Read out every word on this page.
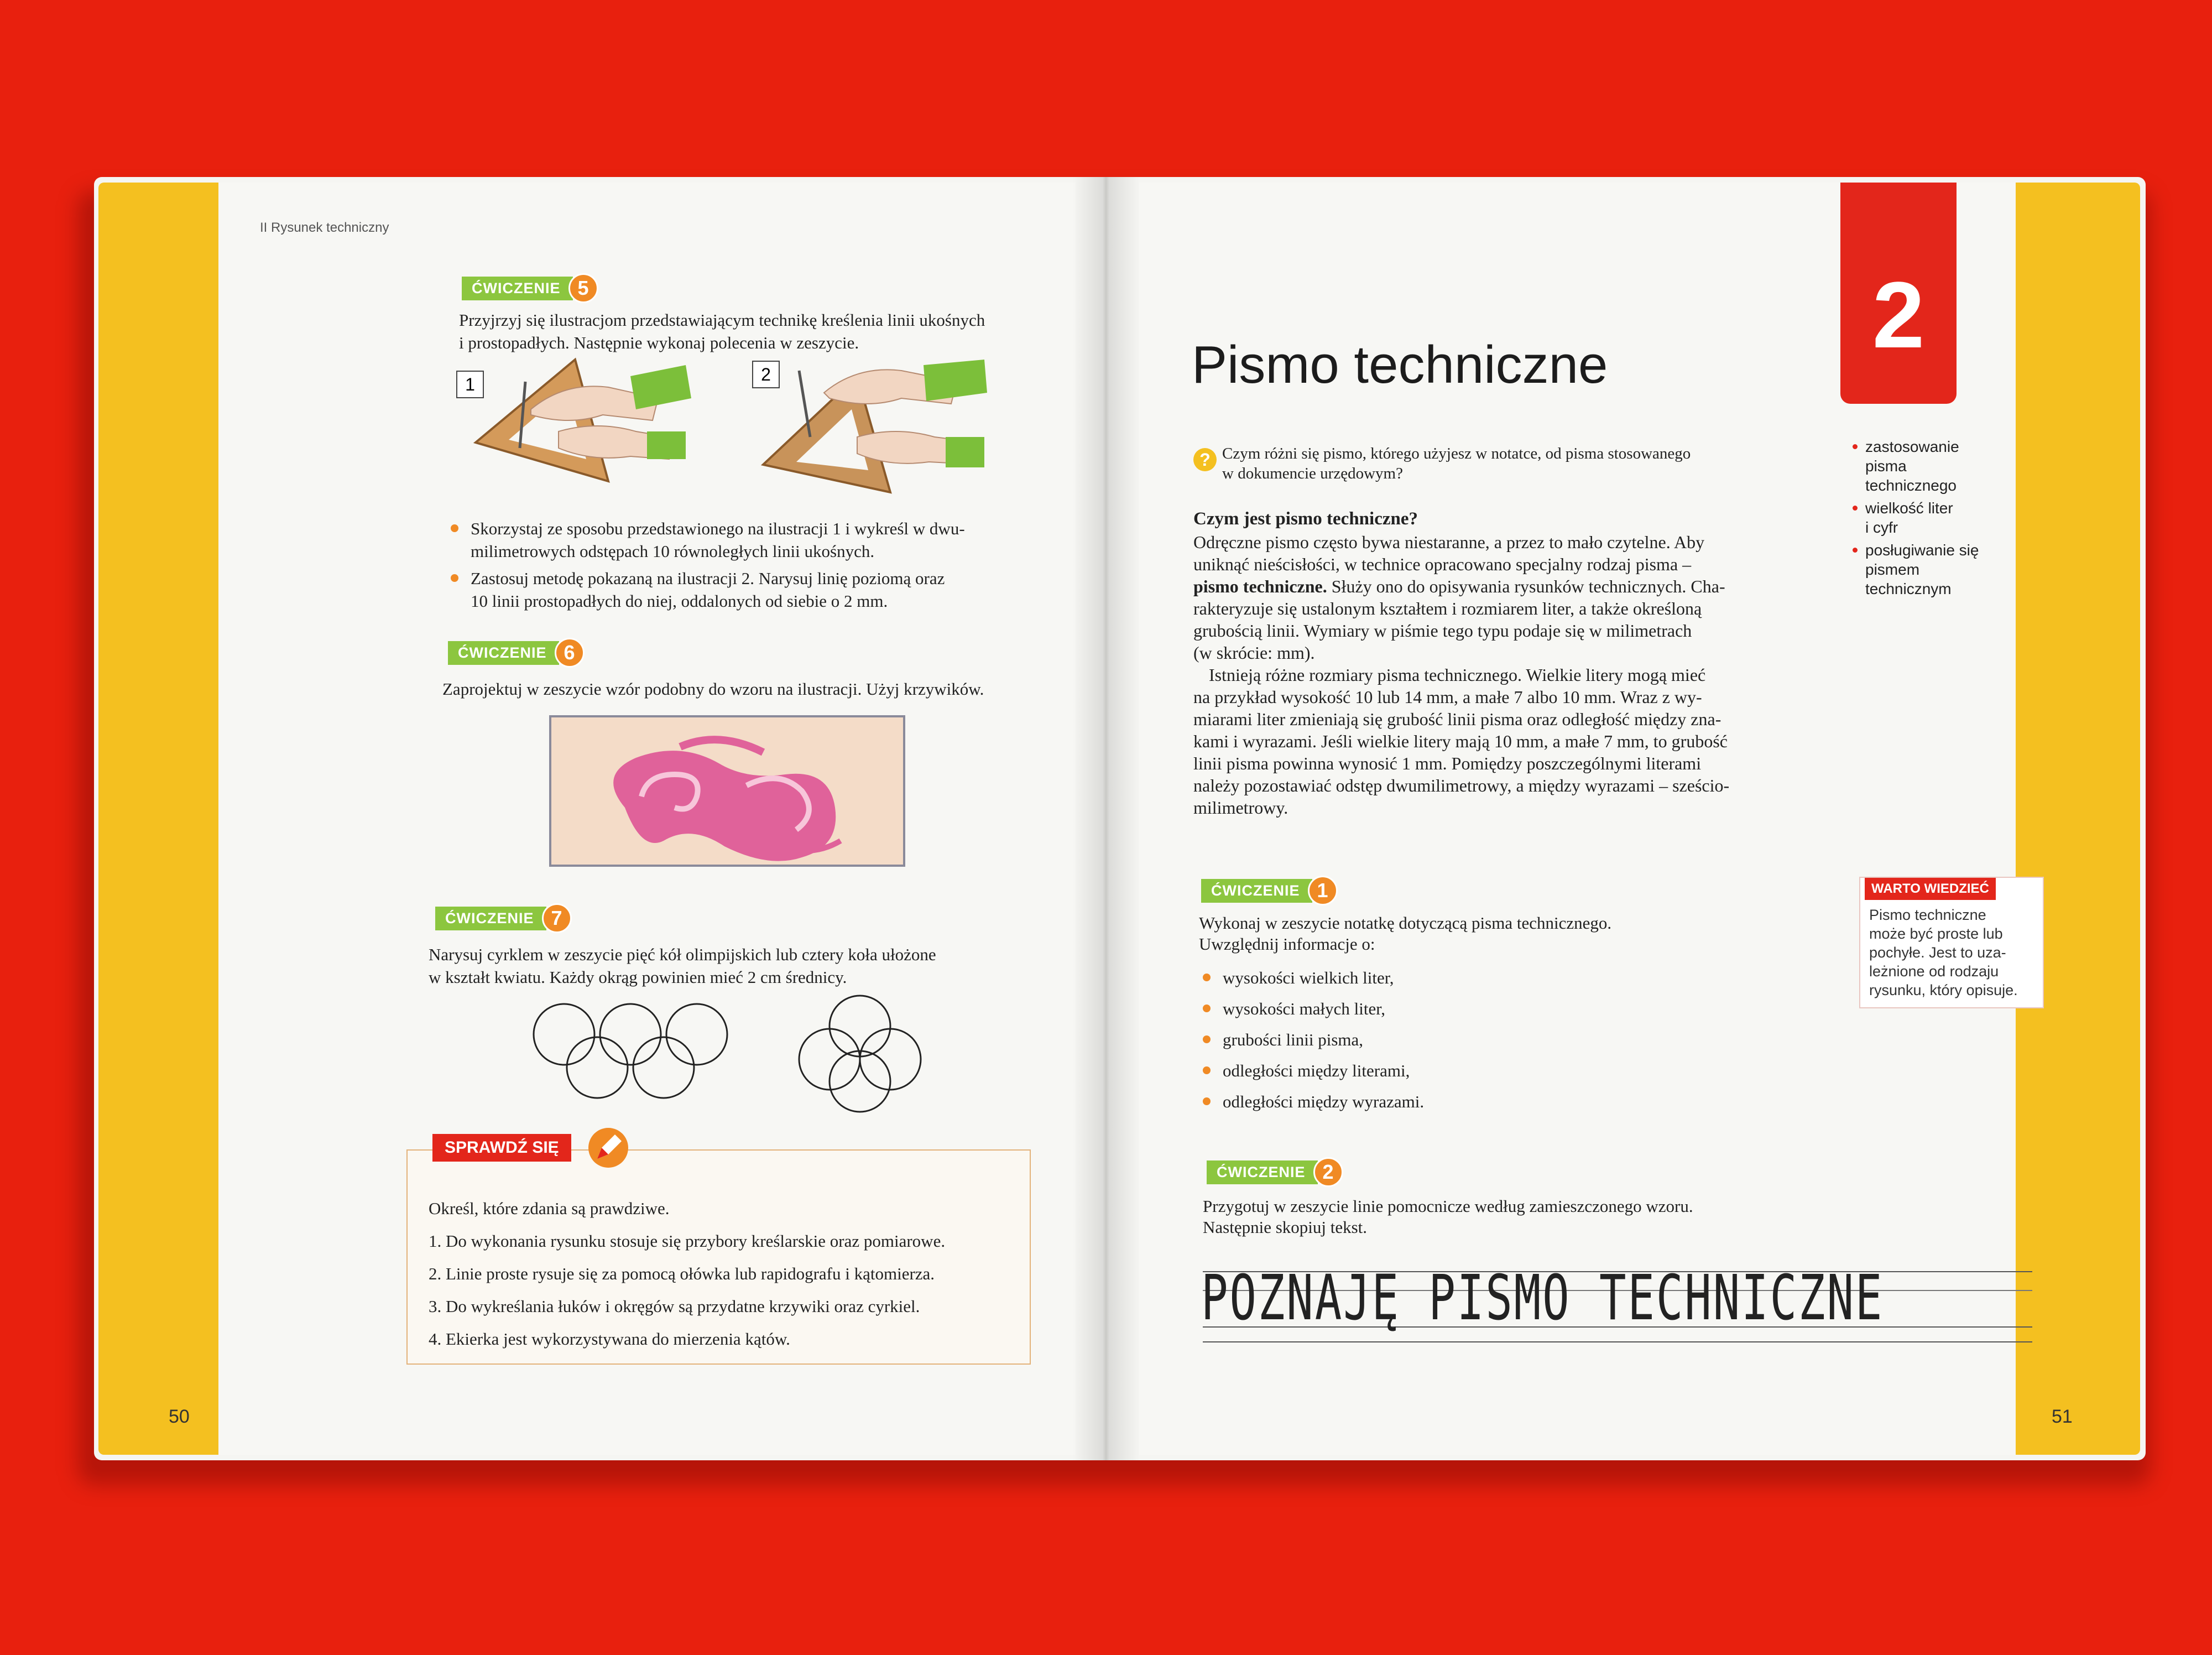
II Rysunek techniczny
ĆWICZENIE 5
Przyjrzyj się ilustracjom przedstawiającym technikę kreślenia linii ukośnych
i prostopadłych. Następnie wykonaj polecenia w zeszycie.
1	2
Skorzystaj ze sposobu przedstawionego na ilustracji 1 i wykreśl w dwu-
milimetrowych odstępach 10 równoległych linii ukośnych.
Zastosuj metodę pokazaną na ilustracji 2. Narysuj linię poziomą oraz
10 linii prostopadłych do niej, oddalonych od siebie o 2 mm.
ĆWICZENIE 6
Zaprojektuj w zeszycie wzór podobny do wzoru na ilustracji. Użyj krzywików.
ĆWICZENIE 7
Narysuj cyrklem w zeszycie pięć kół olimpijskich lub cztery koła ułożone
w kształt kwiatu. Każdy okrąg powinien mieć 2 cm średnicy.
SPRAWDŹ SIĘ
Określ, które zdania są prawdziwe.
1. Do wykonania rysunku stosuje się przybory kreślarskie oraz pomiarowe.
2. Linie proste rysuje się za pomocą ołówka lub rapidografu i kątomierza.
3. Do wykreślania łuków i okręgów są przydatne krzywiki oraz cyrkiel.
4. Ekierka jest wykorzystywana do mierzenia kątów.
50
2
Pismo techniczne
? Czym różni się pismo, którego użyjesz w notatce, od pisma stosowanego
w dokumencie urzędowym?
Czym jest pismo techniczne?
Odręczne pismo często bywa niestaranne, a przez to mało czytelne. Aby
uniknąć nieścisłości, w technice opracowano specjalny rodzaj pisma –
pismo techniczne. Służy ono do opisywania rysunków technicznych. Cha-
rakteryzuje się ustalonym kształtem i rozmiarem liter, a także określoną
grubością linii. Wymiary w piśmie tego typu podaje się w milimetrach
(w skrócie: mm).
Istnieją różne rozmiary pisma technicznego. Wielkie litery mogą mieć
na przykład wysokość 10 lub 14 mm, a małe 7 albo 10 mm. Wraz z wy-
miarami liter zmieniają się grubość linii pisma oraz odległość między zna-
kami i wyrazami. Jeśli wielkie litery mają 10 mm, a małe 7 mm, to grubość
linii pisma powinna wynosić 1 mm. Pomiędzy poszczególnymi literami
należy pozostawiać odstęp dwumilimetrowy, a między wyrazami – sześcio-
milimetrowy.
zastosowanie
pisma
technicznego
wielkość liter
i cyfr
posługiwanie się
pismem
technicznym
WARTO WIEDZIEĆ
Pismo techniczne
może być proste lub
pochyłe. Jest to uza-
leżnione od rodzaju
rysunku, który opisuje.
ĆWICZENIE 1
Wykonaj w zeszycie notatkę dotyczącą pisma technicznego.
Uwzględnij informacje o:
wysokości wielkich liter,
wysokości małych liter,
grubości linii pisma,
odległości między literami,
odległości między wyrazami.
ĆWICZENIE 2
Przygotuj w zeszycie linie pomocnicze według zamieszczonego wzoru.
Następnie skopiuj tekst.
POZNAJĘ PISMO TECHNICZNE
51
